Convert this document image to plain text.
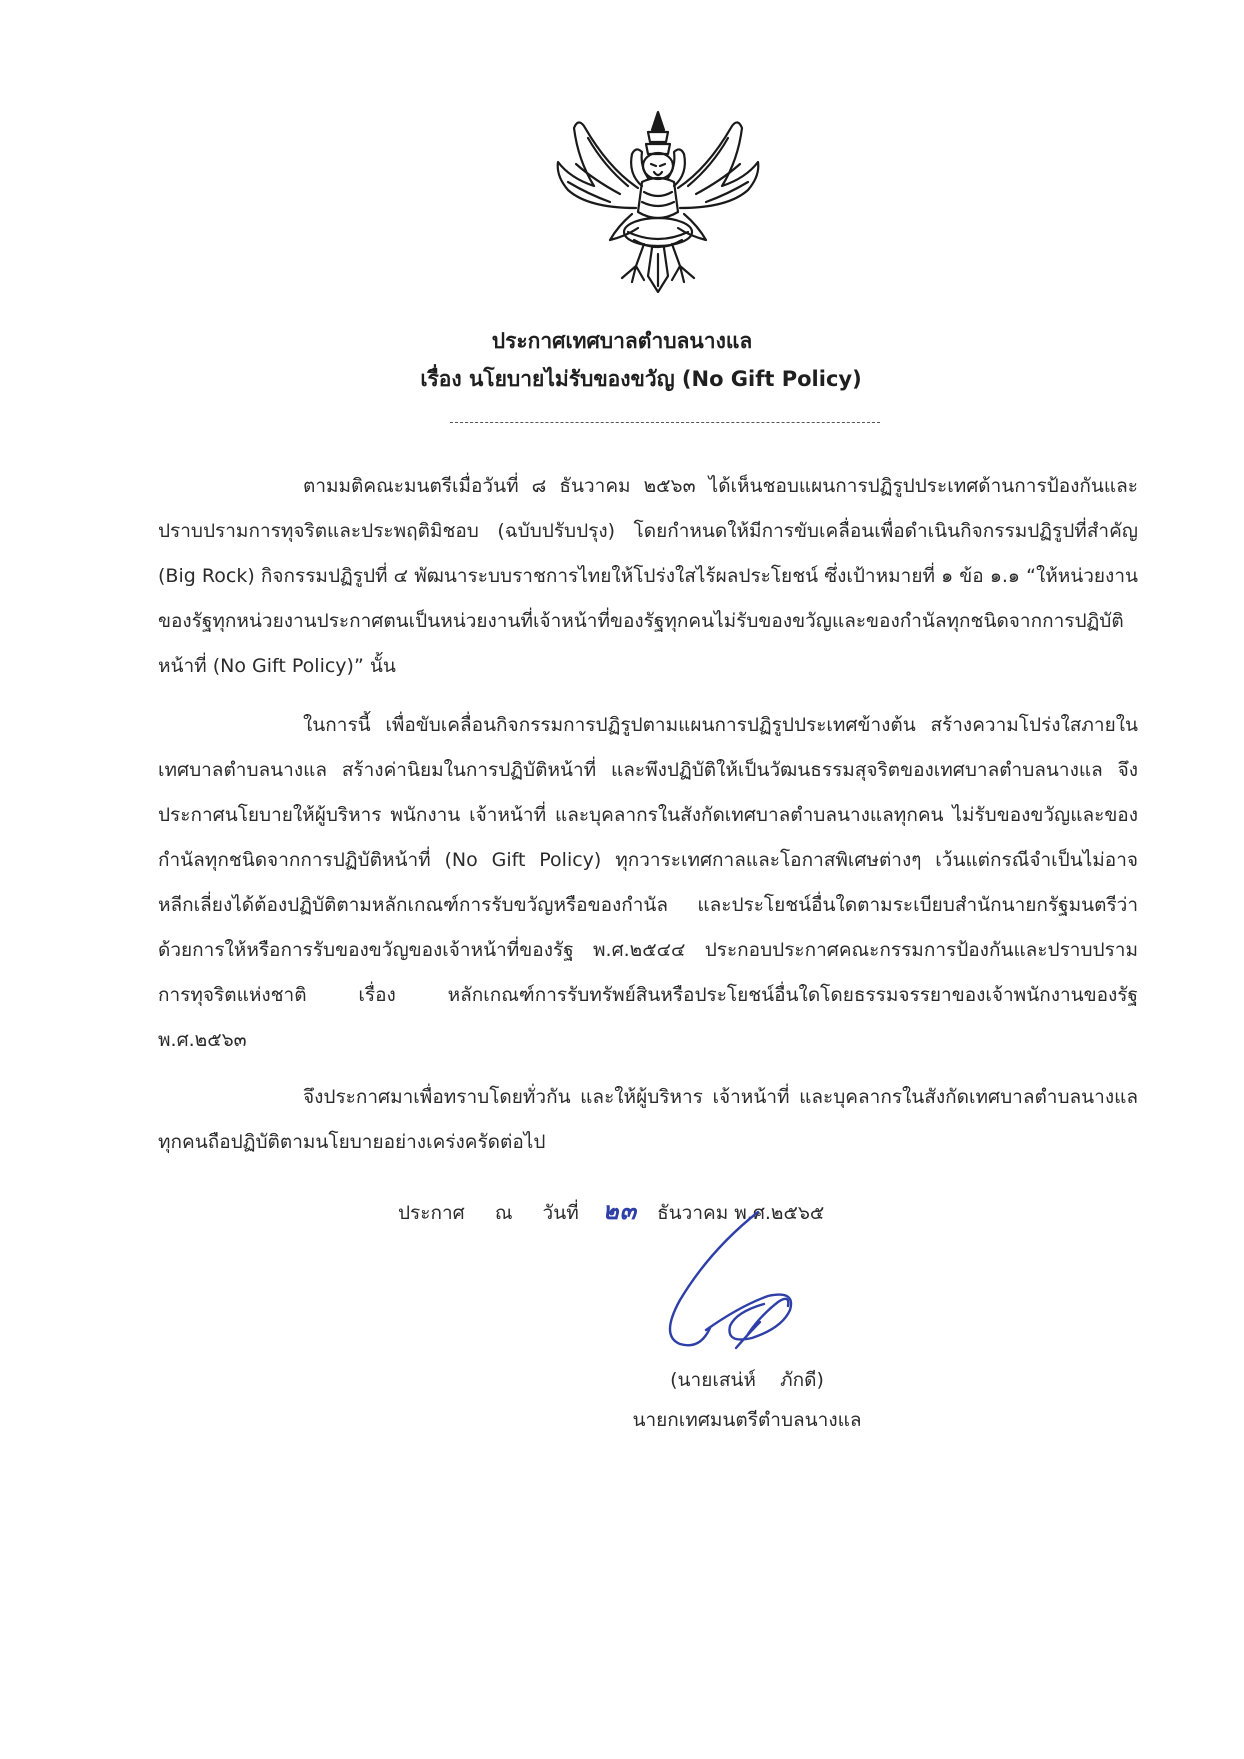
ประกาศเทศบาลตำบลนางแล
เรื่อง นโยบายไม่รับของขวัญ (No Gift Policy)

ตามมติคณะมนตรีเมื่อวันที่ ๘ ธันวาคม ๒๕๖๓ ได้เห็นชอบแผนการปฏิรูปประเทศด้านการป้องกันและปราบปรามการทุจริตและประพฤติมิชอบ (ฉบับปรับปรุง) โดยกำหนดให้มีการขับเคลื่อนเพื่อดำเนินกิจกรรมปฏิรูปที่สำคัญ (Big Rock) กิจกรรมปฏิรูปที่ ๔ พัฒนาระบบราชการไทยให้โปร่งใสไร้ผลประโยชน์ ซึ่งเป้าหมายที่ ๑ ข้อ ๑.๑ “ให้หน่วยงานของรัฐทุกหน่วยงานประกาศตนเป็นหน่วยงานที่เจ้าหน้าที่ของรัฐทุกคนไม่รับของขวัญและของกำนัลทุกชนิดจากการปฏิบัติหน้าที่ (No Gift Policy)” นั้น

ในการนี้ เพื่อขับเคลื่อนกิจกรรมการปฏิรูปตามแผนการปฏิรูปประเทศข้างต้น สร้างความโปร่งใสภายในเทศบาลตำบลนางแล สร้างค่านิยมในการปฏิบัติหน้าที่ และพึงปฏิบัติให้เป็นวัฒนธรรมสุจริตของเทศบาลตำบลนางแล จึงประกาศนโยบายให้ผู้บริหาร พนักงาน เจ้าหน้าที่ และบุคลากรในสังกัดเทศบาลตำบลนางแลทุกคน ไม่รับของขวัญและของกำนัลทุกชนิดจากการปฏิบัติหน้าที่ (No Gift Policy) ทุกวาระเทศกาลและโอกาสพิเศษต่างๆ เว้นแต่กรณีจำเป็นไม่อาจ หลีกเลี่ยงได้ต้องปฏิบัติตามหลักเกณฑ์การรับขวัญหรือของกำนัล และประโยชน์อื่นใดตามระเบียบสำนักนายกรัฐมนตรีว่าด้วยการให้หรือการรับของขวัญของเจ้าหน้าที่ของรัฐ พ.ศ.๒๕๔๔ ประกอบประกาศคณะกรรมการป้องกันและปราบปรามการทุจริตแห่งชาติ เรื่อง หลักเกณฑ์การรับทรัพย์สินหรือประโยชน์อื่นใดโดยธรรมจรรยาของเจ้าพนักงานของรัฐ พ.ศ.๒๕๖๓

จึงประกาศมาเพื่อทราบโดยทั่วกัน และให้ผู้บริหาร เจ้าหน้าที่ และบุคลากรในสังกัดเทศบาลตำบลนางแลทุกคนถือปฏิบัติตามนโยบายอย่างเคร่งครัดต่อไป

ประกาศ ณ วันที่ ๒๓ ธันวาคม พ.ศ.๒๕๖๕
(นายเสน่ห์    ภักดี)
นายกเทศมนตรีตำบลนางแล
